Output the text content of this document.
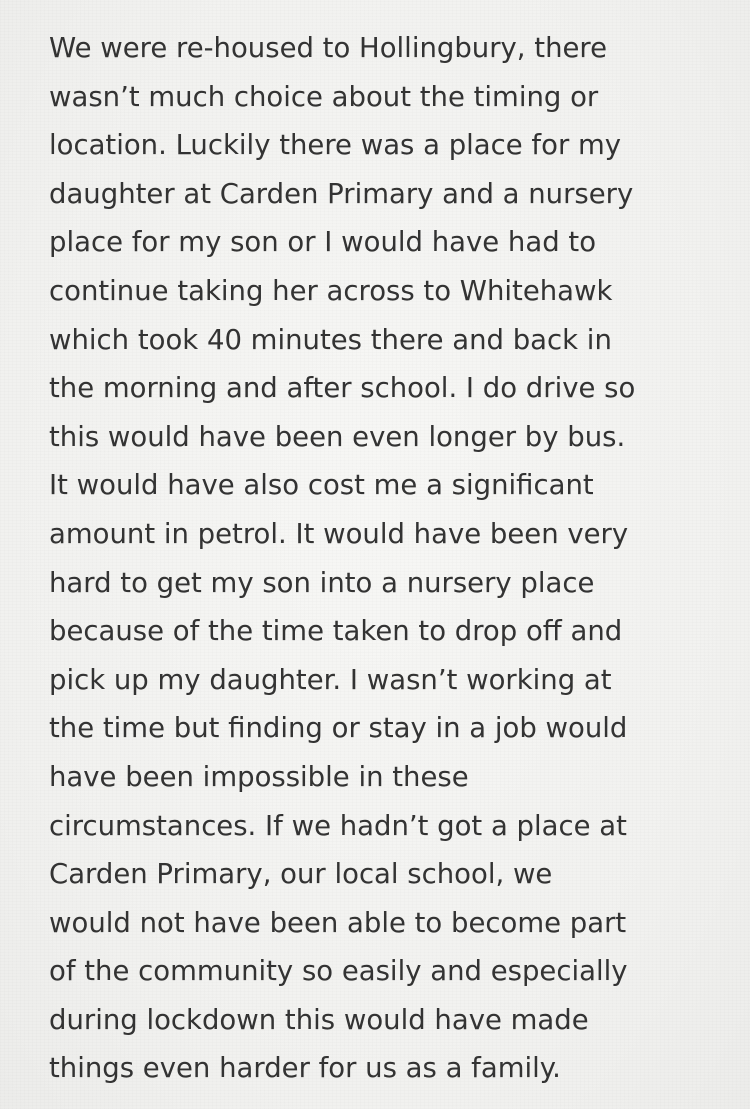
We were re-housed to Hollingbury, there
wasn’t much choice about the timing or
location. Luckily there was a place for my
daughter at Carden Primary and a nursery
place for my son or I would have had to
continue taking her across to Whitehawk
which took 40 minutes there and back in
the morning and after school. I do drive so
this would have been even longer by bus.
It would have also cost me a significant
amount in petrol. It would have been very
hard to get my son into a nursery place
because of the time taken to drop off and
pick up my daughter. I wasn’t working at
the time but finding or stay in a job would
have been impossible in these
circumstances. If we hadn’t got a place at
Carden Primary, our local school, we
would not have been able to become part
of the community so easily and especially
during lockdown this would have made
things even harder for us as a family.
